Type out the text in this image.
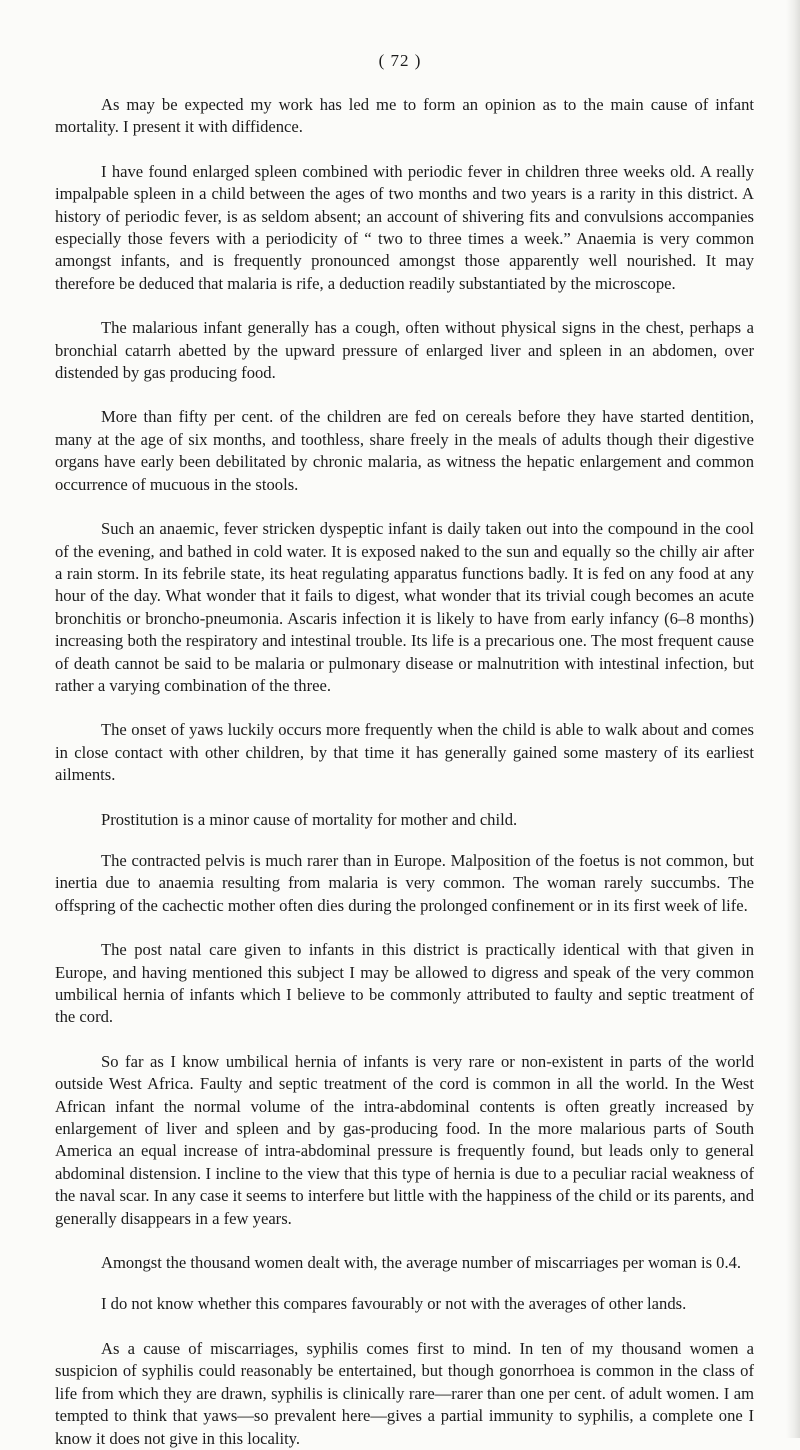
( 72 )

As may be expected my work has led me to form an opinion as to the main cause of infant mortality. I present it with diffidence.

I have found enlarged spleen combined with periodic fever in children three weeks old. A really impalpable spleen in a child between the ages of two months and two years is a rarity in this district. A history of periodic fever, is as seldom absent; an account of shivering fits and convulsions accompanies especially those fevers with a periodicity of “ two to three times a week.” Anaemia is very common amongst infants, and is frequently pronounced amongst those apparently well nourished. It may therefore be deduced that malaria is rife, a deduction readily substantiated by the microscope.

The malarious infant generally has a cough, often without physical signs in the chest, perhaps a bronchial catarrh abetted by the upward pressure of enlarged liver and spleen in an abdomen, over distended by gas producing food.

More than fifty per cent. of the children are fed on cereals before they have started dentition, many at the age of six months, and toothless, share freely in the meals of adults though their digestive organs have early been debilitated by chronic malaria, as witness the hepatic enlargement and common occurrence of mucuous in the stools.

Such an anaemic, fever stricken dyspeptic infant is daily taken out into the compound in the cool of the evening, and bathed in cold water. It is exposed naked to the sun and equally so the chilly air after a rain storm. In its febrile state, its heat regulating apparatus functions badly. It is fed on any food at any hour of the day. What wonder that it fails to digest, what wonder that its trivial cough becomes an acute bronchitis or broncho-pneumonia. Ascaris infection it is likely to have from early infancy (6–8 months) increasing both the respiratory and intestinal trouble. Its life is a precarious one. The most frequent cause of death cannot be said to be malaria or pulmonary disease or malnutrition with intestinal infection, but rather a varying combination of the three.

The onset of yaws luckily occurs more frequently when the child is able to walk about and comes in close contact with other children, by that time it has generally gained some mastery of its earliest ailments.

Prostitution is a minor cause of mortality for mother and child.

The contracted pelvis is much rarer than in Europe. Malposition of the foetus is not common, but inertia due to anaemia resulting from malaria is very common. The woman rarely succumbs. The offspring of the cachectic mother often dies during the prolonged confinement or in its first week of life.

The post natal care given to infants in this district is practically identical with that given in Europe, and having mentioned this subject I may be allowed to digress and speak of the very common umbilical hernia of infants which I believe to be commonly attributed to faulty and septic treatment of the cord.

So far as I know umbilical hernia of infants is very rare or non-existent in parts of the world outside West Africa. Faulty and septic treatment of the cord is common in all the world. In the West African infant the normal volume of the intra-abdominal contents is often greatly increased by enlargement of liver and spleen and by gas-producing food. In the more malarious parts of South America an equal increase of intra-abdominal pressure is frequently found, but leads only to general abdominal distension. I incline to the view that this type of hernia is due to a peculiar racial weakness of the naval scar. In any case it seems to interfere but little with the happiness of the child or its parents, and generally disappears in a few years.

Amongst the thousand women dealt with, the average number of miscarriages per woman is 0.4.

I do not know whether this compares favourably or not with the averages of other lands.

As a cause of miscarriages, syphilis comes first to mind. In ten of my thousand women a suspicion of syphilis could reasonably be entertained, but though gonorrhoea is common in the class of life from which they are drawn, syphilis is clinically rare—rarer than one per cent. of adult women. I am tempted to think that yaws—so prevalent here—gives a partial immunity to syphilis, a complete one I know it does not give in this locality.
